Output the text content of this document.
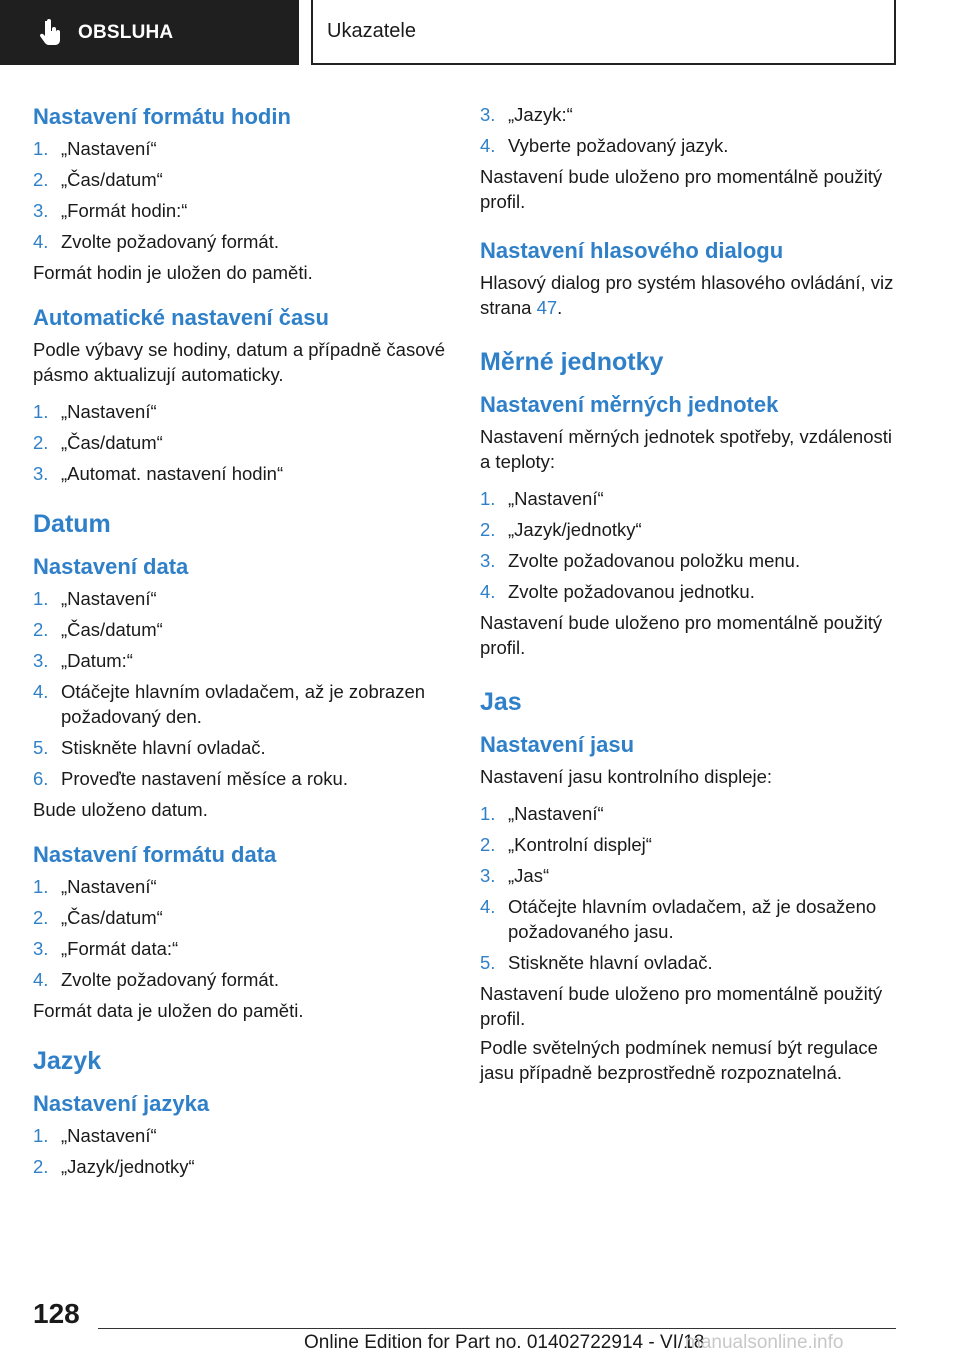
OBSLUHA	Ukazatele
Nastavení formátu hodin
1. „Nastavení“
2. „Čas/datum“
3. „Formát hodin:“
4. Zvolte požadovaný formát.
Formát hodin je uložen do paměti.
Automatické nastavení času
Podle výbavy se hodiny, datum a případně časové pásmo aktualizují automaticky.
1. „Nastavení“
2. „Čas/datum“
3. „Automat. nastavení hodin“
Datum
Nastavení data
1. „Nastavení“
2. „Čas/datum“
3. „Datum:“
4. Otáčejte hlavním ovladačem, až je zobrazen požadovaný den.
5. Stiskněte hlavní ovladač.
6. Proveďte nastavení měsíce a roku.
Bude uloženo datum.
Nastavení formátu data
1. „Nastavení“
2. „Čas/datum“
3. „Formát data:“
4. Zvolte požadovaný formát.
Formát data je uložen do paměti.
Jazyk
Nastavení jazyka
1. „Nastavení“
2. „Jazyk/jednotky“
3. „Jazyk:“
4. Vyberte požadovaný jazyk.
Nastavení bude uloženo pro momentálně použitý profil.
Nastavení hlasového dialogu
Hlasový dialog pro systém hlasového ovládání, viz strana 47.
Měrné jednotky
Nastavení měrných jednotek
Nastavení měrných jednotek spotřeby, vzdálenosti a teploty:
1. „Nastavení“
2. „Jazyk/jednotky“
3. Zvolte požadovanou položku menu.
4. Zvolte požadovanou jednotku.
Nastavení bude uloženo pro momentálně použitý profil.
Jas
Nastavení jasu
Nastavení jasu kontrolního displeje:
1. „Nastavení“
2. „Kontrolní displej“
3. „Jas“
4. Otáčejte hlavním ovladačem, až je dosaženo požadovaného jasu.
5. Stiskněte hlavní ovladač.
Nastavení bude uloženo pro momentálně použitý profil.
Podle světelných podmínek nemusí být regulace jasu případně bezprostředně rozpoznatelná.
128
Online Edition for Part no. 01402722914 - VI/18
manualsonline.info
